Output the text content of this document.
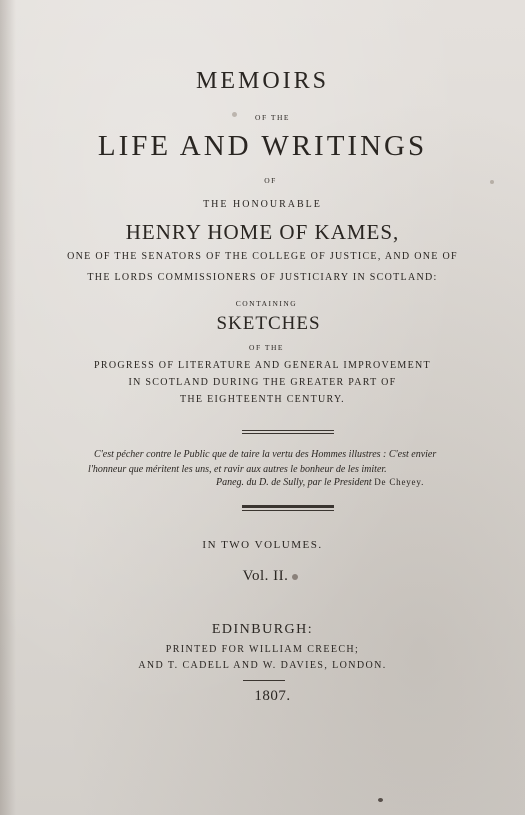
MEMOIRS

OF THE

LIFE AND WRITINGS

OF

THE HONOURABLE

HENRY HOME OF KAMES,

ONE OF THE SENATORS OF THE COLLEGE OF JUSTICE, AND ONE OF

THE LORDS COMMISSIONERS OF JUSTICIARY IN SCOTLAND:

CONTAINING

SKETCHES

OF THE

PROGRESS OF LITERATURE AND GENERAL IMPROVEMENT

IN SCOTLAND DURING THE GREATER PART OF

THE EIGHTEENTH CENTURY.

C'est pécher contre le Public que de taire la vertu des Hommes illustres : C'est envier

l'honneur que méritent les uns, et ravir aux autres le bonheur de les imiter.

Paneg. du D. de Sully, par le President De Cheyey.

IN TWO VOLUMES.

Vol. II.

EDINBURGH:

PRINTED FOR WILLIAM CREECH;

AND T. CADELL AND W. DAVIES, LONDON.

1807.
